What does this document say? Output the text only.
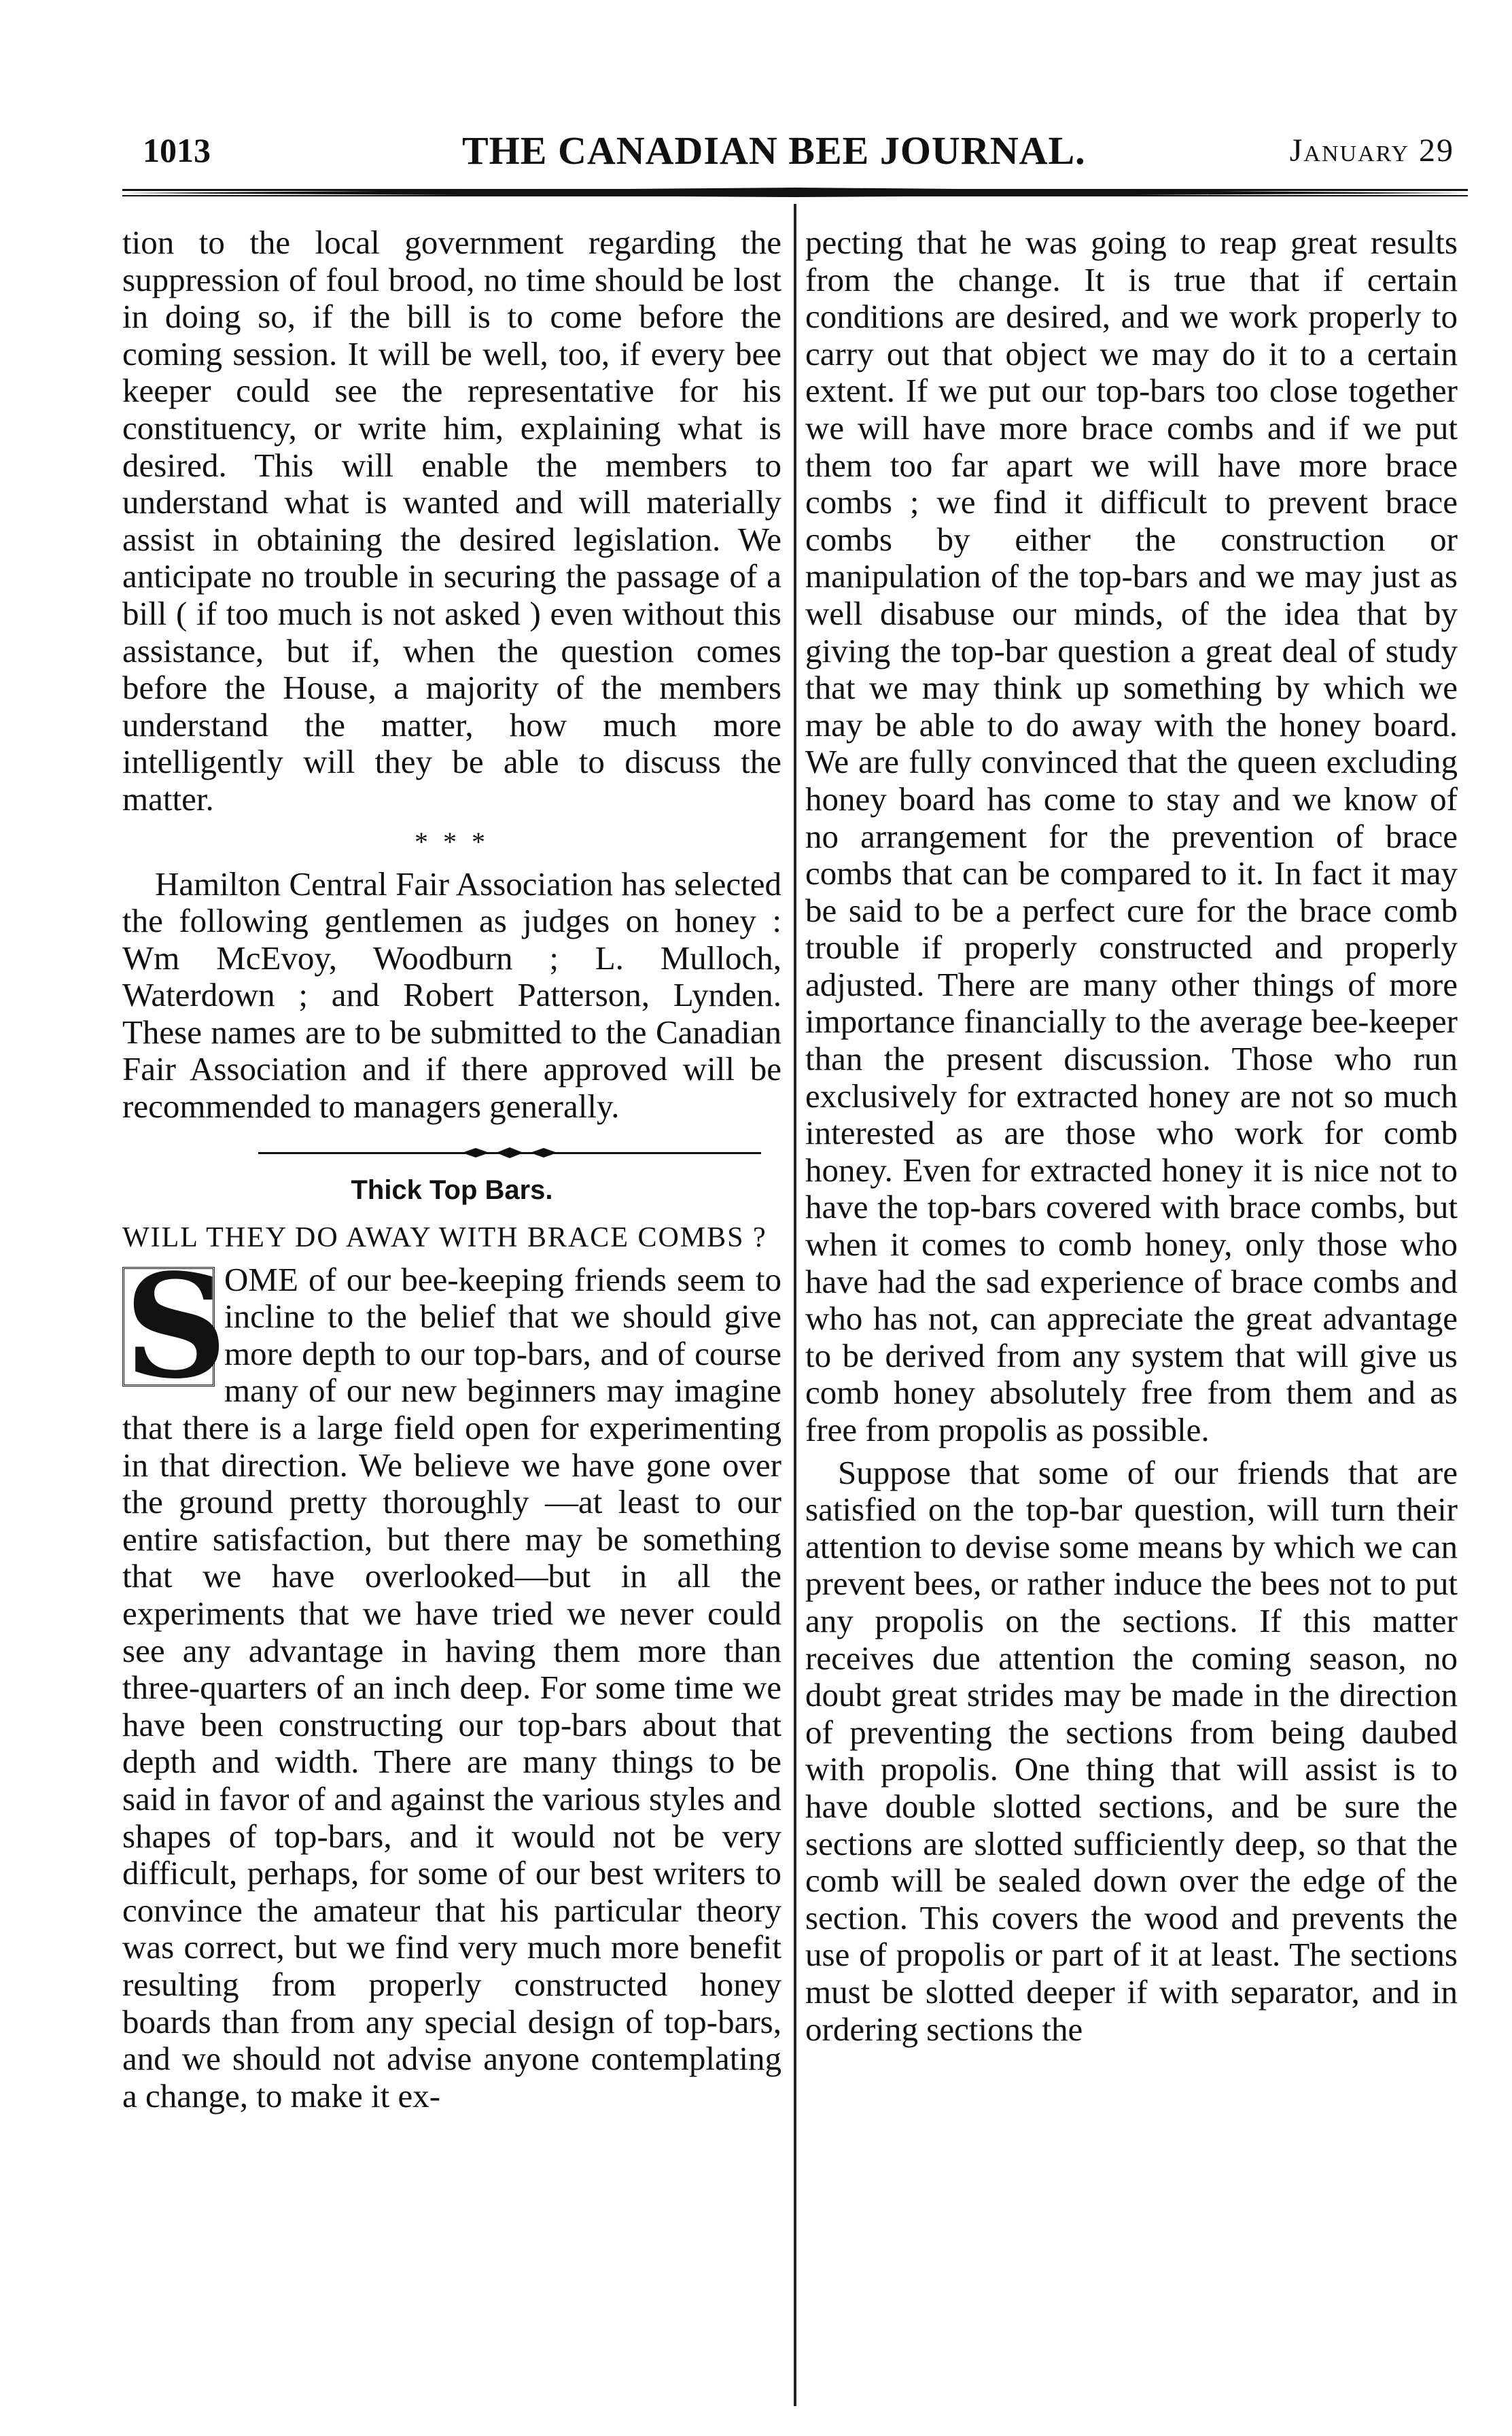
1013	THE CANADIAN BEE JOURNAL.	January 29

tion to the local government regarding the suppression of foul brood, no time should be lost in doing so, if the bill is to come before the coming session. It will be well, too, if every bee keeper could see the representative for his constituency, or write him, explaining what is desired. This will enable the members to understand what is wanted and will materially assist in obtaining the desired legislation. We anticipate no trouble in securing the passage of a bill ( if too much is not asked ) even without this assistance, but if, when the question comes before the House, a majority of the members understand the matter, how much more intelligently will they be able to discuss the matter.

* * *

Hamilton Central Fair Association has selected the following gentlemen as judges on honey : Wm McEvoy, Woodburn ; L. Mulloch, Waterdown ; and Robert Patterson, Lynden. These names are to be submitted to the Canadian Fair Association and if there approved will be recommended to managers generally.

Thick Top Bars.
WILL THEY DO AWAY WITH BRACE COMBS ?

S
OME of our bee-keeping friends seem to incline to the belief that we should give more depth to our top-bars, and of course many of our new beginners may imagine that there is a large field open for experimenting in that direction. We believe we have gone over the ground pretty thoroughly —at least to our entire satisfaction, but there may be something that we have overlooked—but in all the experiments that we have tried we never could see any advantage in having them more than three-quarters of an inch deep. For some time we have been constructing our top-bars about that depth and width. There are many things to be said in favor of and against the various styles and shapes of top-bars, and it would not be very difficult, perhaps, for some of our best writers to convince the amateur that his particular theory was correct, but we find very much more benefit resulting from properly constructed honey boards than from any special design of top-bars, and we should not advise anyone contemplating a change, to make it ex-

pecting that he was going to reap great results from the change. It is true that if certain conditions are desired, and we work properly to carry out that object we may do it to a certain extent. If we put our top-bars too close together we will have more brace combs and if we put them too far apart we will have more brace combs ; we find it difficult to prevent brace combs by either the construction or manipulation of the top-bars and we may just as well disabuse our minds, of the idea that by giving the top-bar question a great deal of study that we may think up something by which we may be able to do away with the honey board. We are fully convinced that the queen excluding honey board has come to stay and we know of no arrangement for the prevention of brace combs that can be compared to it. In fact it may be said to be a perfect cure for the brace comb trouble if properly constructed and properly adjusted. There are many other things of more importance financially to the average bee-keeper than the present discussion. Those who run exclusively for extracted honey are not so much interested as are those who work for comb honey. Even for extracted honey it is nice not to have the top-bars covered with brace combs, but when it comes to comb honey, only those who have had the sad experience of brace combs and who has not, can appreciate the great advantage to be derived from any system that will give us comb honey absolutely free from them and as free from propolis as possible.

Suppose that some of our friends that are satisfied on the top-bar question, will turn their attention to devise some means by which we can prevent bees, or rather induce the bees not to put any propolis on the sections. If this matter receives due attention the coming season, no doubt great strides may be made in the direction of preventing the sections from being daubed with propolis. One thing that will assist is to have double slotted sections, and be sure the sections are slotted sufficiently deep, so that the comb will be sealed down over the edge of the section. This covers the wood and prevents the use of propolis or part of it at least. The sections must be slotted deeper if with separator, and in ordering sections the
